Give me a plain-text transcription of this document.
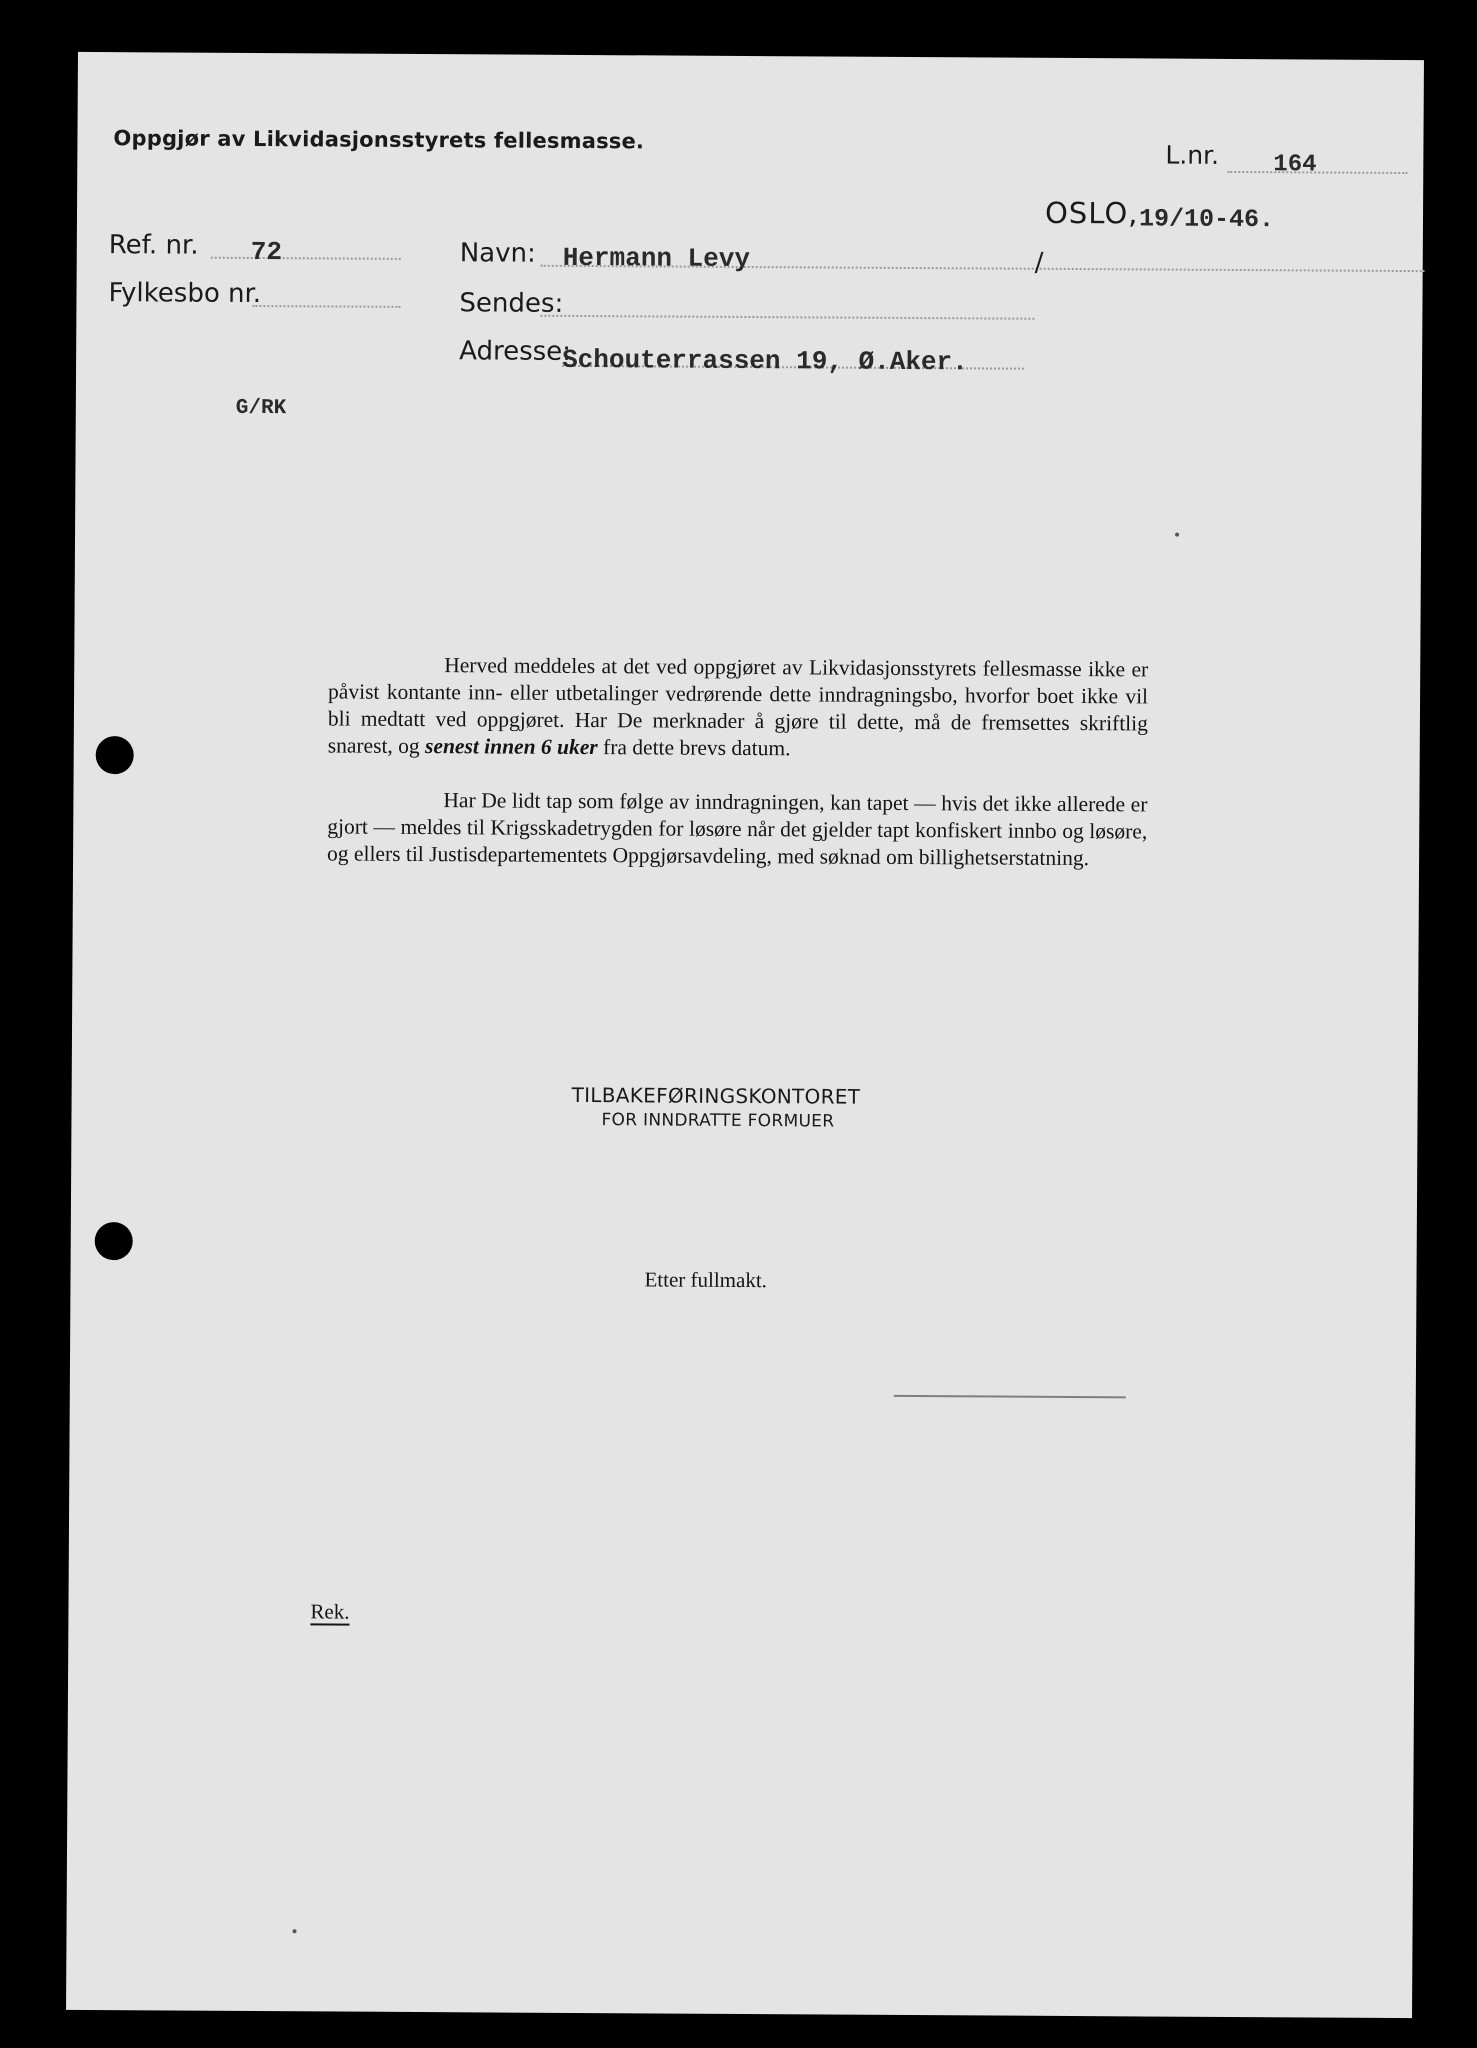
Oppgjør av Likvidasjonsstyrets fellesmasse.
L.nr. 164
OSLO, 19/10-46.
Ref. nr. 72
Fylkesbo nr.
Navn: Hermann Levy	/
Sendes:
Adresse:
Schouterrassen 19, Ø.Aker.
G/RK

Herved meddeles at det ved oppgjøret av Likvidasjonsstyrets fellesmasse ikke er påvist kontante inn- eller utbetalinger vedrørende dette inndragningsbo, hvorfor boet ikke vil bli medtatt ved oppgjøret. Har De merknader å gjøre til dette, må de fremsettes skriftlig snarest, og senest innen 6 uker fra dette brevs datum.

Har De lidt tap som følge av inndragningen, kan tapet — hvis det ikke allerede er gjort — meldes til Krigsskadetrygden for løsøre når det gjelder tapt konfiskert innbo og løsøre, og ellers til Justisdepartementets Oppgjørsavdeling, med søknad om billighetserstatning.

TILBAKEFØRINGSKONTORET
FOR INNDRATTE FORMUER
Etter fullmakt.
Rek.
